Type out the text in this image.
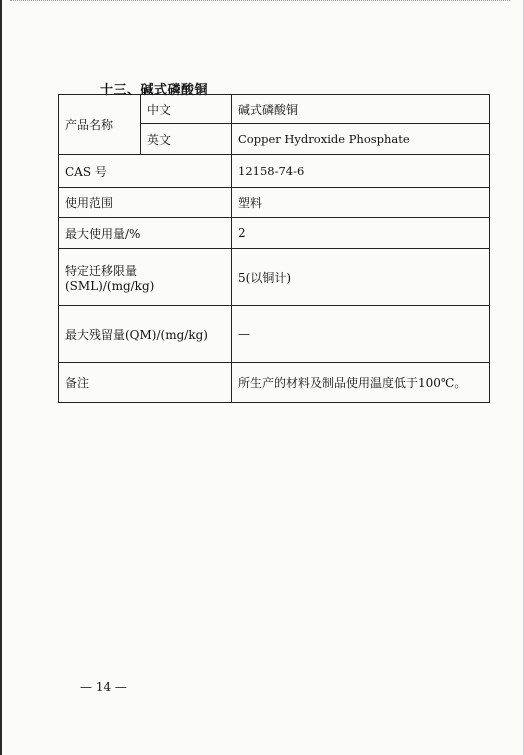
十三、碱式磷酸铜
产品名称	中文	碱式磷酸铜
	英文	Copper Hydroxide Phosphate
CAS 号		12158-74-6
使用范围		塑料
最大使用量/%		2
特定迁移限量(SML)/(mg/kg)		5(以铜计)
最大残留量(QM)/(mg/kg)		—
备注		所生产的材料及制品使用温度低于100℃。
— 14 —
